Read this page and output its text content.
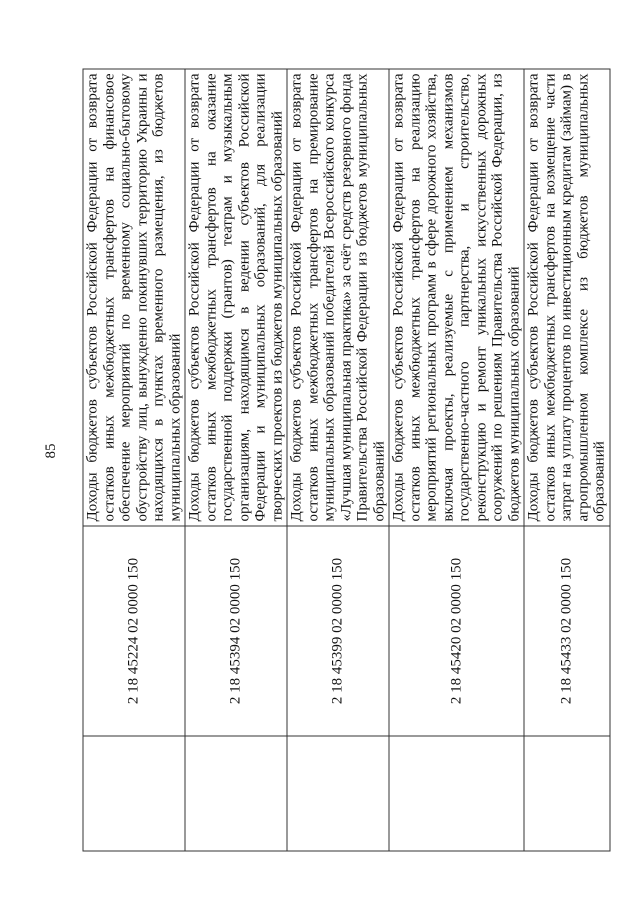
85
	2 18 45224 02 0000 150	Доходы бюджетов субъектов Российской Федерации от возврата остатков иных межбюджетных трансфертов на финансовое обеспечение мероприятий по временному социально-бытовому обустройству лиц, вынужденно покинувших территорию Украины и находящихся в пунктах временного размещения, из бюджетов муниципальных образований
	2 18 45394 02 0000 150	Доходы бюджетов субъектов Российской Федерации от возврата остатков иных межбюджетных трансфертов на оказание государственной поддержки (грантов) театрам и музыкальным организациям, находящимся в ведении субъектов Российской Федерации и муниципальных образований, для реализации творческих проектов из бюджетов муниципальных образований
	2 18 45399 02 0000 150	Доходы бюджетов субъектов Российской Федерации от возврата остатков иных межбюджетных трансфертов на премирование муниципальных образований победителей Всероссийского конкурса «Лучшая муниципальная практика» за счёт средств резервного фонда Правительства Российской Федерации из бюджетов муниципальных образований
	2 18 45420 02 0000 150	Доходы бюджетов субъектов Российской Федерации от возврата остатков иных межбюджетных трансфертов на реализацию мероприятий региональных программ в сфере дорожного хозяйства, включая проекты, реализуемые с применением механизмов государственно-частного партнерства, и строительство, реконструкцию и ремонт уникальных искусственных дорожных сооружений по решениям Правительства Российской Федерации, из бюджетов муниципальных образований
	2 18 45433 02 0000 150	Доходы бюджетов субъектов Российской Федерации от возврата остатков иных межбюджетных трансфертов на возмещение части затрат на уплату процентов по инвестиционным кредитам (займам) в агропромышленном комплексе из бюджетов муниципальных образований
